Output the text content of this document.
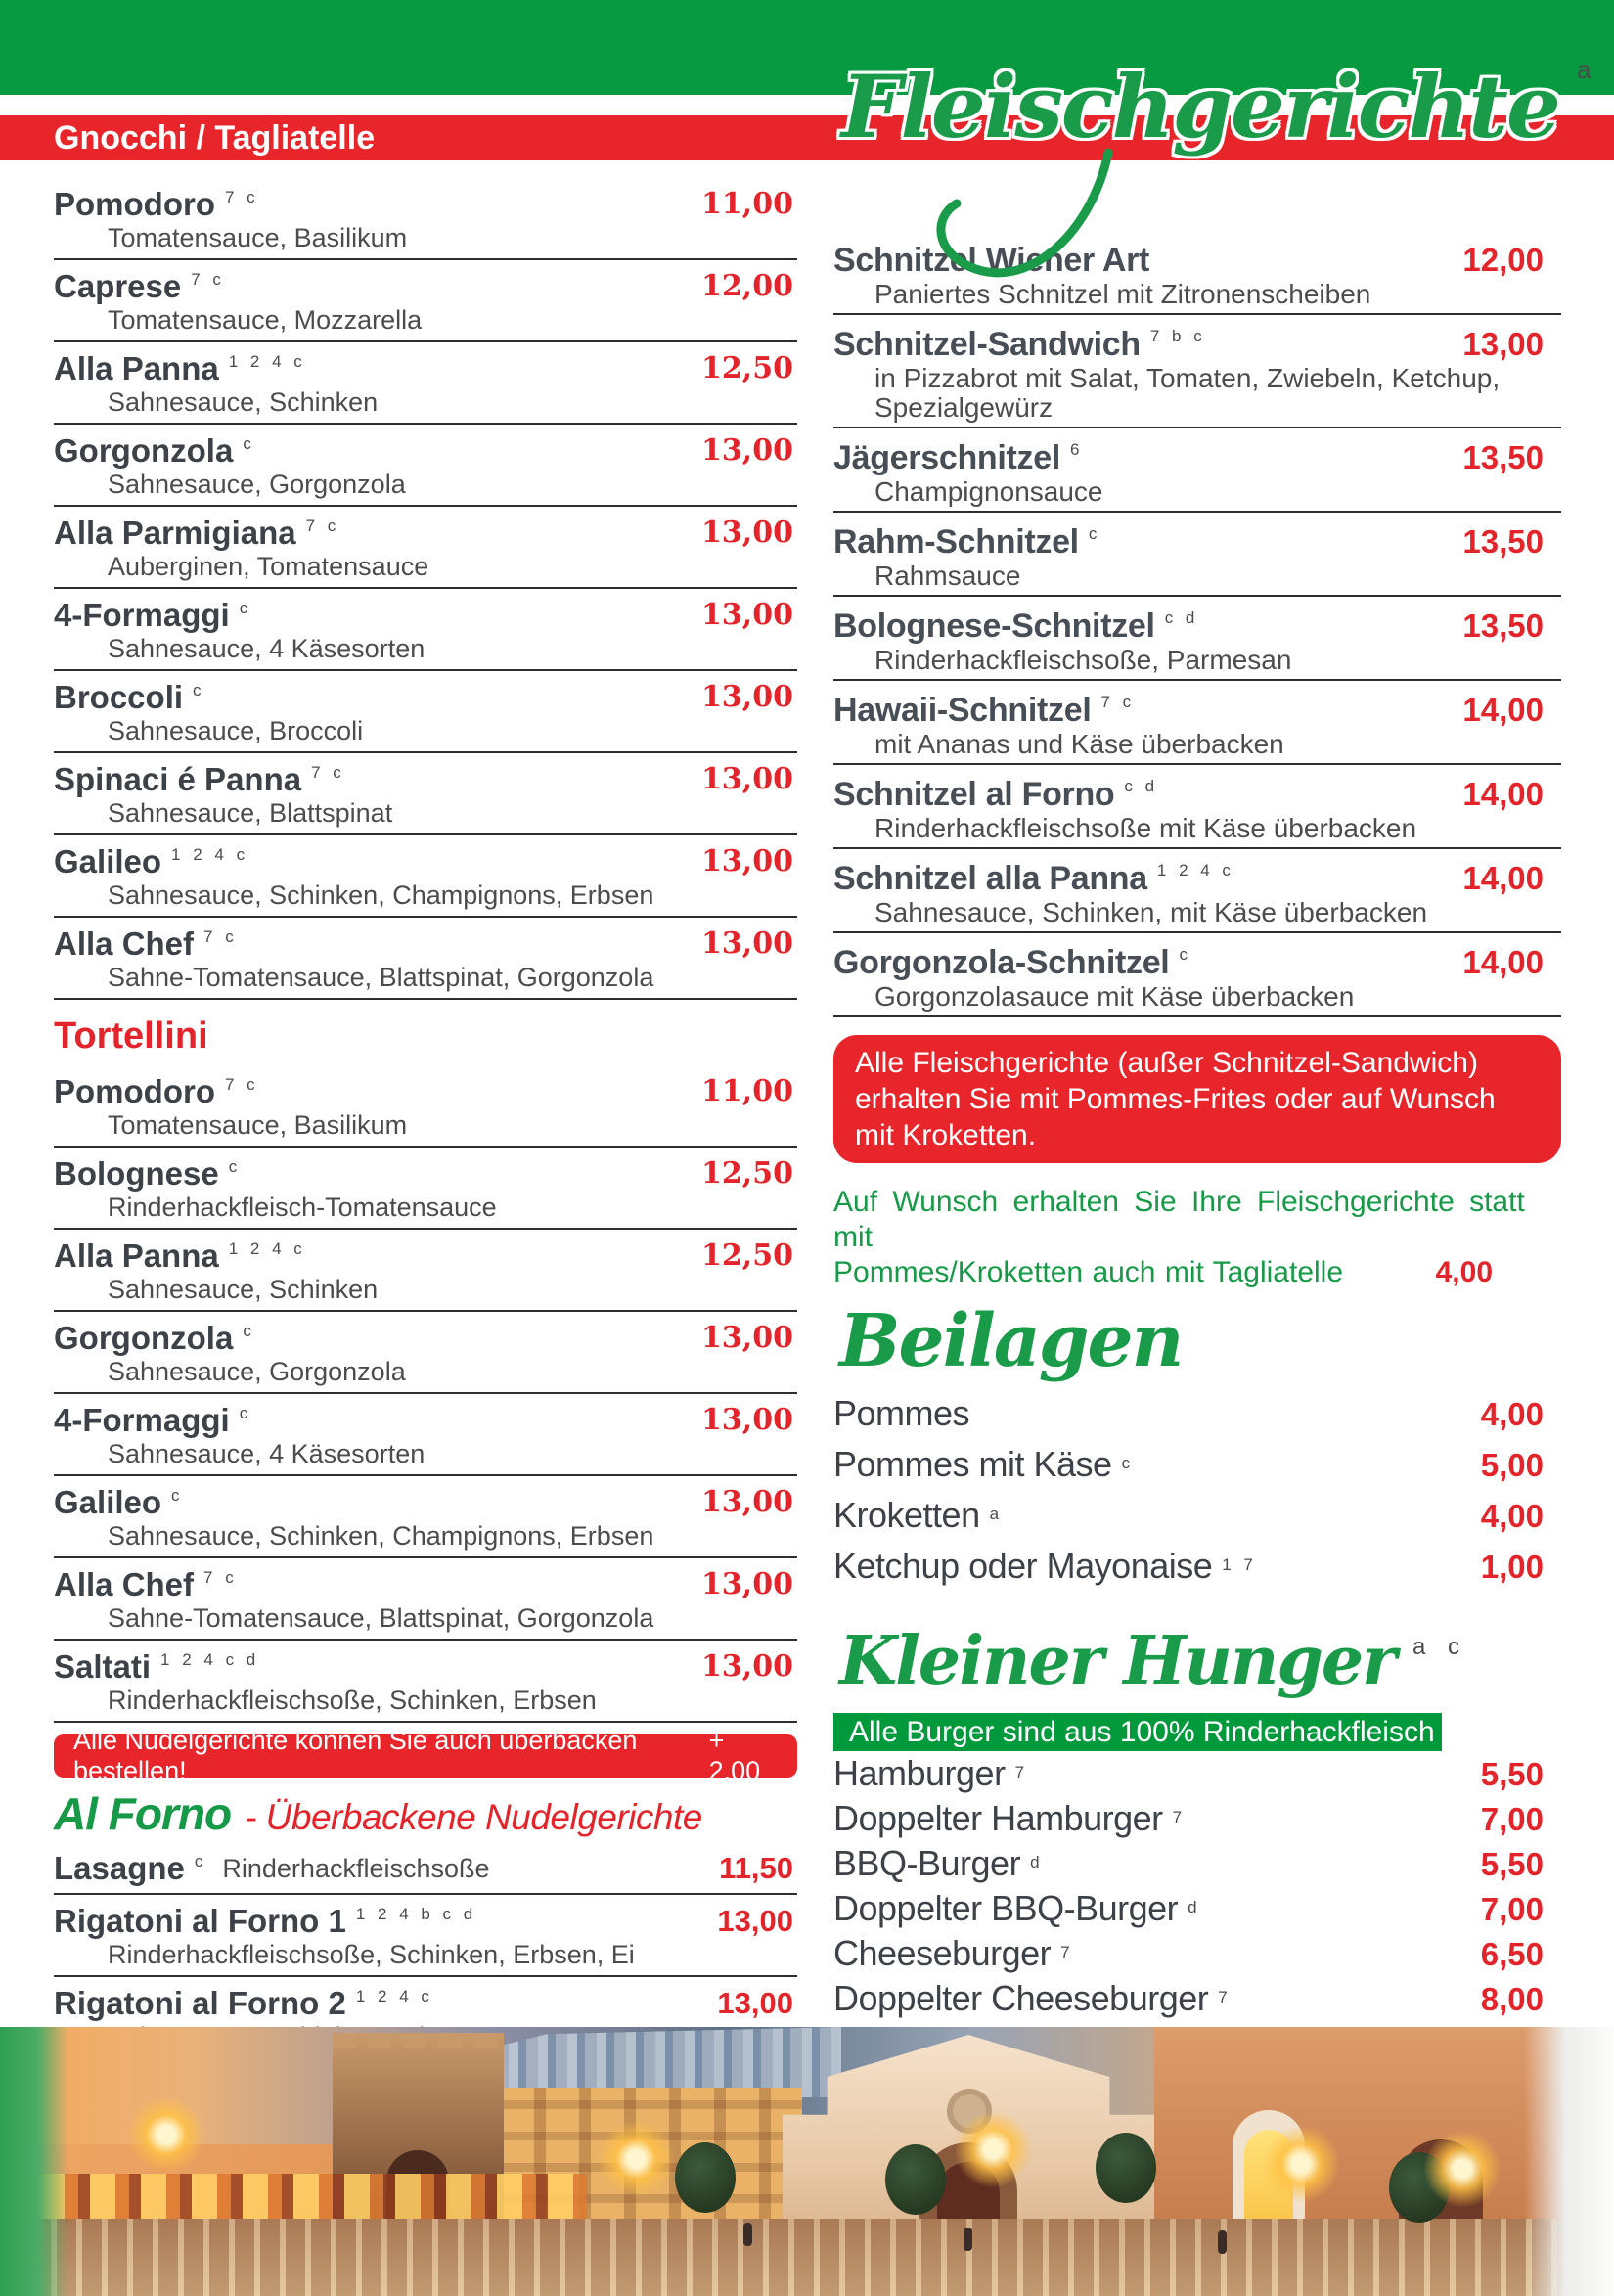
Gnocchi / Tagliatelle	Fleischgerichte $^a$
Pomodoro 7 c	11,00
Tomatensauce, Basilikum
Caprese 7 c	12,00
Tomatensauce, Mozzarella
Alla Panna 1 2 4 c	12,50
Sahnesauce, Schinken
Gorgonzola c	13,00
Sahnesauce, Gorgonzola
Alla Parmigiana 7 c	13,00
Auberginen, Tomatensauce
4-Formaggi c	13,00
Sahnesauce, 4 Käsesorten
Broccoli c	13,00
Sahnesauce, Broccoli
Spinaci é Panna 7 c	13,00
Sahnesauce, Blattspinat
Galileo 1 2 4 c	13,00
Sahnesauce, Schinken, Champignons, Erbsen
Alla Chef 7 c	13,00
Sahne-Tomatensauce, Blattspinat, Gorgonzola
Tortellini
Pomodoro 7 c	11,00
Tomatensauce, Basilikum
Bolognese c	12,50
Rinderhackfleisch-Tomatensauce
Alla Panna 1 2 4 c	12,50
Sahnesauce, Schinken
Gorgonzola c	13,00
Sahnesauce, Gorgonzola
4-Formaggi c	13,00
Sahnesauce, 4 Käsesorten
Galileo c	13,00
Sahnesauce, Schinken, Champignons, Erbsen
Alla Chef 7 c	13,00
Sahne-Tomatensauce, Blattspinat, Gorgonzola
Saltati 1 2 4 c d	13,00
Rinderhackfleischsoße, Schinken, Erbsen
Alle Nudelgerichte können Sie auch überbacken bestellen!
+ 2,00
Al Forno - Überbackene Nudelgerichte
Lasagne c Rinderhackfleischsoße	11,50
Rigatoni al Forno 1 1 2 4 b c d	13,00
Rinderhackfleischsoße, Schinken, Erbsen, Ei
Rigatoni al Forno 2 1 2 4 c	13,00
Schnitzel Wiener Art	12,00
Paniertes Schnitzel mit Zitronenscheiben
Schnitzel-Sandwich 7 b c	13,00
in Pizzabrot mit Salat, Tomaten, Zwiebeln, Ketchup, Spezialgewürz
Jägerschnitzel 6	13,50
Champignonsauce
Rahm-Schnitzel c	13,50
Rahmsauce
Bolognese-Schnitzel c d	13,50
Rinderhackfleischsoße, Parmesan
Hawaii-Schnitzel 7 c	14,00
mit Ananas und Käse überbacken
Schnitzel al Forno c d	14,00
Rinderhackfleischsoße mit Käse überbacken
Schnitzel alla Panna 1 2 4 c	14,00
Sahnesauce, Schinken, mit Käse überbacken
Gorgonzola-Schnitzel c	14,00
Gorgonzolasauce mit Käse überbacken
Alle Fleischgerichte (außer Schnitzel-Sandwich) erhalten Sie mit Pommes-Frites oder auf Wunsch mit Kroketten.
Auf Wunsch erhalten Sie Ihre Fleischgerichte statt mit
Pommes/Kroketten auch mit Tagliatelle	4,00
Beilagen
Pommes	4,00
Pommes mit Käse c	5,00
Kroketten a	4,00
Ketchup oder Mayonaise 1 7	1,00
Kleiner Hunger $^{a c}$
Alle Burger sind aus 100% Rinderhackfleisch
Hamburger 7	5,50
Doppelter Hamburger 7	7,00
BBQ-Burger d	5,50
Doppelter BBQ-Burger d	7,00
Cheeseburger 7	6,50
Doppelter Cheeseburger 7	8,00
